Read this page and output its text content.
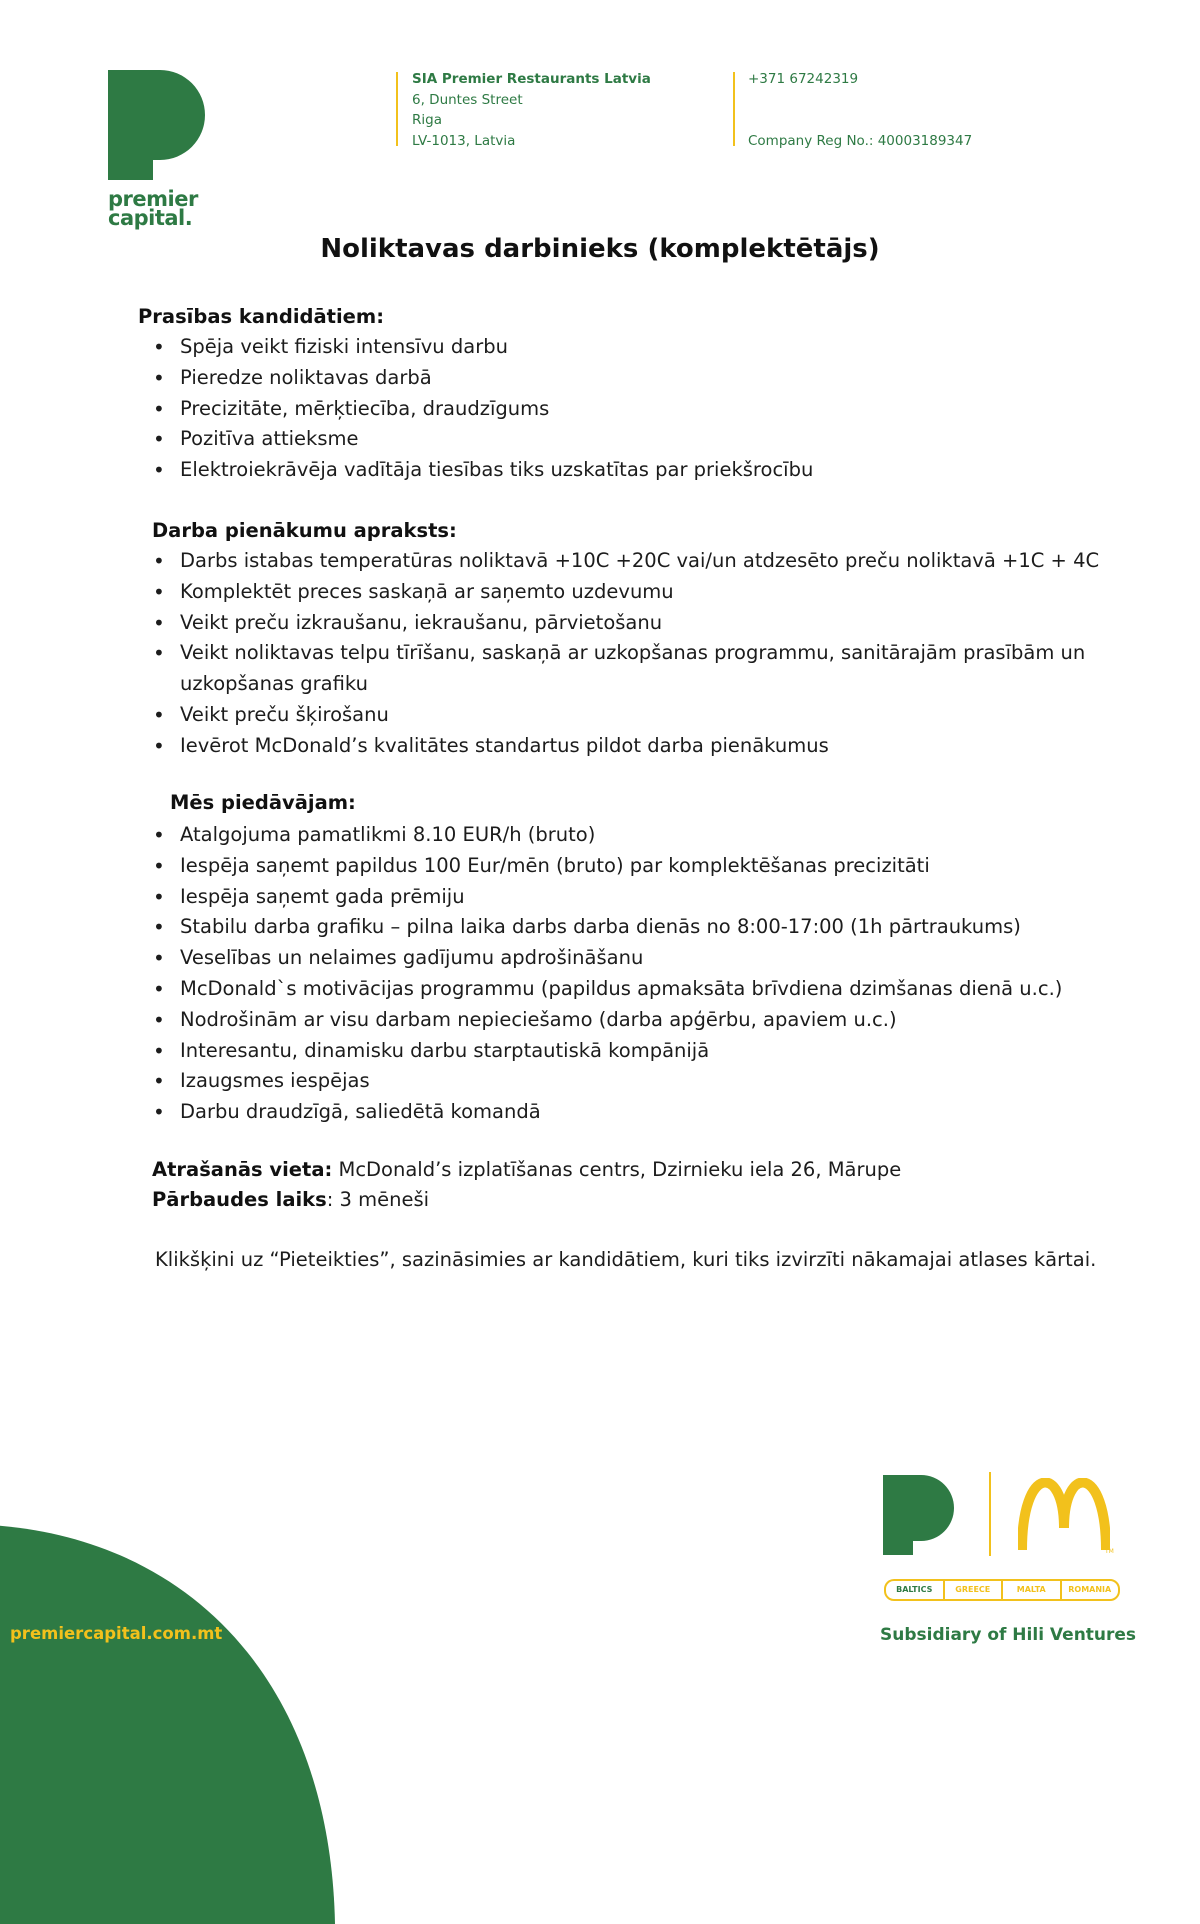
premier
capital.
SIA Premier Restaurants Latvia
6, Duntes Street
Riga
LV-1013, Latvia
+371 67242319
Company Reg No.: 40003189347
Noliktavas darbinieks (komplektētājs)
Prasības kandidātiem:
• Spēja veikt fiziski intensīvu darbu
• Pieredze noliktavas darbā
• Precizitāte, mērķtiecība, draudzīgums
• Pozitīva attieksme
• Elektroiekrāvēja vadītāja tiesības tiks uzskatītas par priekšrocību
Darba pienākumu apraksts:
• Darbs istabas temperatūras noliktavā +10C +20C vai/un atdzesēto preču noliktavā +1C + 4C
• Komplektēt preces saskaņā ar saņemto uzdevumu
• Veikt preču izkraušanu, iekraušanu, pārvietošanu
• Veikt noliktavas telpu tīrīšanu, saskaņā ar uzkopšanas programmu, sanitārajām prasībām un uzkopšanas grafiku
• Veikt preču šķirošanu
• Ievērot McDonald’s kvalitātes standartus pildot darba pienākumus
Mēs piedāvājam:
• Atalgojuma pamatlikmi 8.10 EUR/h (bruto)
• Iespēja saņemt papildus 100 Eur/mēn (bruto) par komplektēšanas precizitāti
• Iespēja saņemt gada prēmiju
• Stabilu darba grafiku – pilna laika darbs darba dienās no 8:00-17:00 (1h pārtraukums)
• Veselības un nelaimes gadījumu apdrošināšanu
• McDonald`s motivācijas programmu (papildus apmaksāta brīvdiena dzimšanas dienā u.c.)
• Nodrošinām ar visu darbam nepieciešamo (darba apģērbu, apaviem u.c.)
• Interesantu, dinamisku darbu starptautiskā kompānijā
• Izaugsmes iespējas
• Darbu draudzīgā, saliedētā komandā
Atrašanās vieta: McDonald’s izplatīšanas centrs, Dzirnieku iela 26, Mārupe
Pārbaudes laiks: 3 mēneši
Klikšķini uz “Pieteikties”, sazināsimies ar kandidātiem, kuri tiks izvirzīti nākamajai atlases kārtai.
premiercapital.com.mt
TM
BALTICS	GREECE	MALTA	ROMANIA
Subsidiary of Hili Ventures
